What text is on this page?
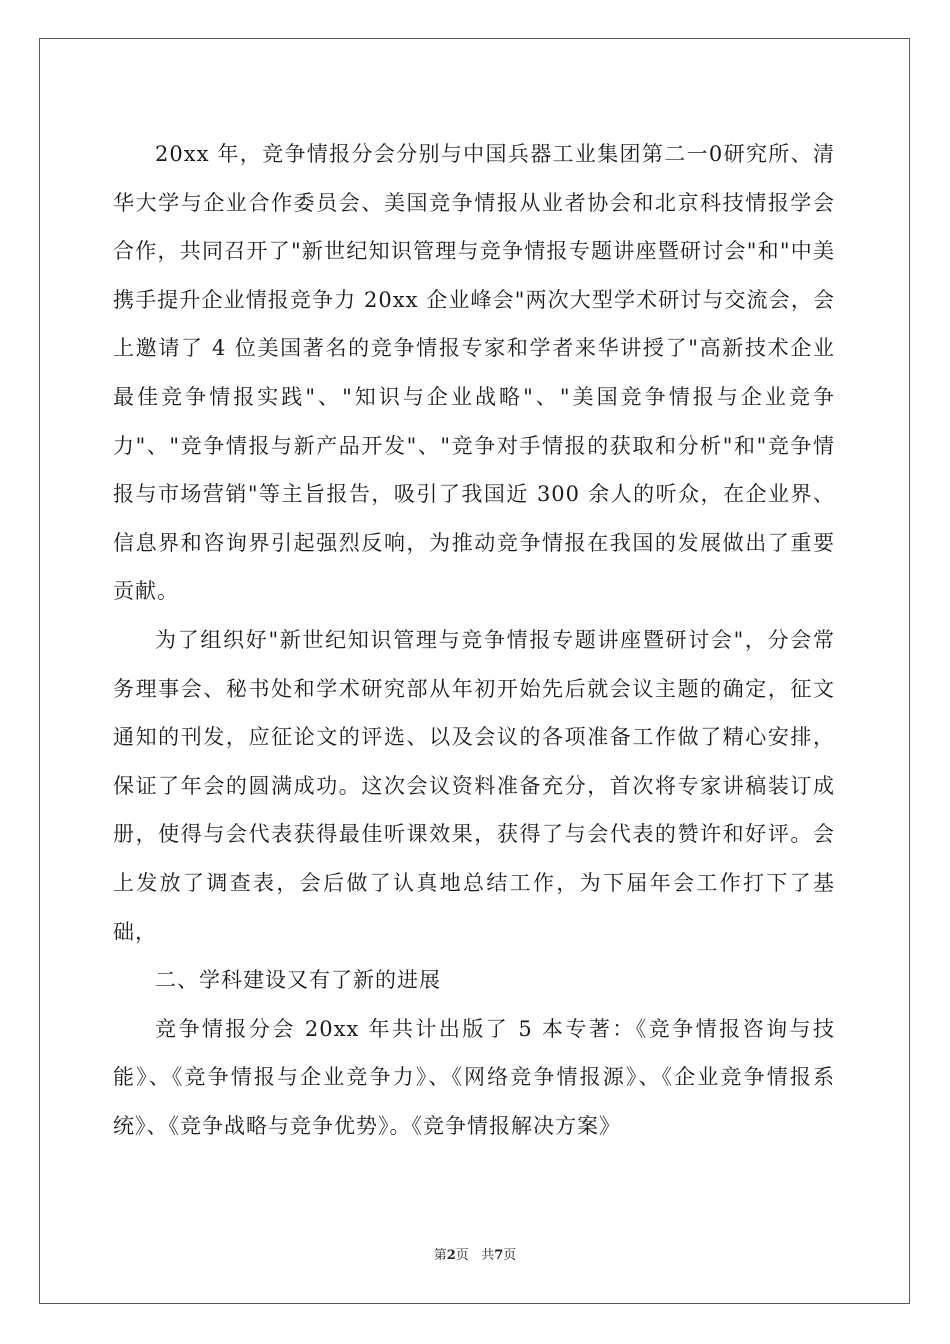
20xx 年，竞争情报分会分别与中国兵器工业集团第二一0研究所、清华大学与企业合作委员会、美国竞争情报从业者协会和北京科技情报学会合作，共同召开了"新世纪知识管理与竞争情报专题讲座暨研讨会"和"中美携手提升企业情报竞争力 20xx 企业峰会"两次大型学术研讨与交流会，会上邀请了 4 位美国著名的竞争情报专家和学者来华讲授了"高新技术企业最佳竞争情报实践"、"知识与企业战略"、"美国竞争情报与企业竞争力"、"竞争情报与新产品开发"、"竞争对手情报的获取和分析"和"竞争情报与市场营销"等主旨报告，吸引了我国近 300 余人的听众，在企业界、信息界和咨询界引起强烈反响，为推动竞争情报在我国的发展做出了重要贡献。

为了组织好"新世纪知识管理与竞争情报专题讲座暨研讨会"，分会常务理事会、秘书处和学术研究部从年初开始先后就会议主题的确定，征文通知的刊发，应征论文的评选、以及会议的各项准备工作做了精心安排，保证了年会的圆满成功。这次会议资料准备充分，首次将专家讲稿装订成册，使得与会代表获得最佳听课效果，获得了与会代表的赞许和好评。会上发放了调查表，会后做了认真地总结工作，为下届年会工作打下了基础，

二、学科建设又有了新的进展

竞争情报分会 20xx 年共计出版了 5 本专著：《竞争情报咨询与技能》、《竞争情报与企业竞争力》、《网络竞争情报源》、《企业竞争情报系统》、《竞争战略与竞争优势》。《竞争情报解决方案》

第2页 共7页
